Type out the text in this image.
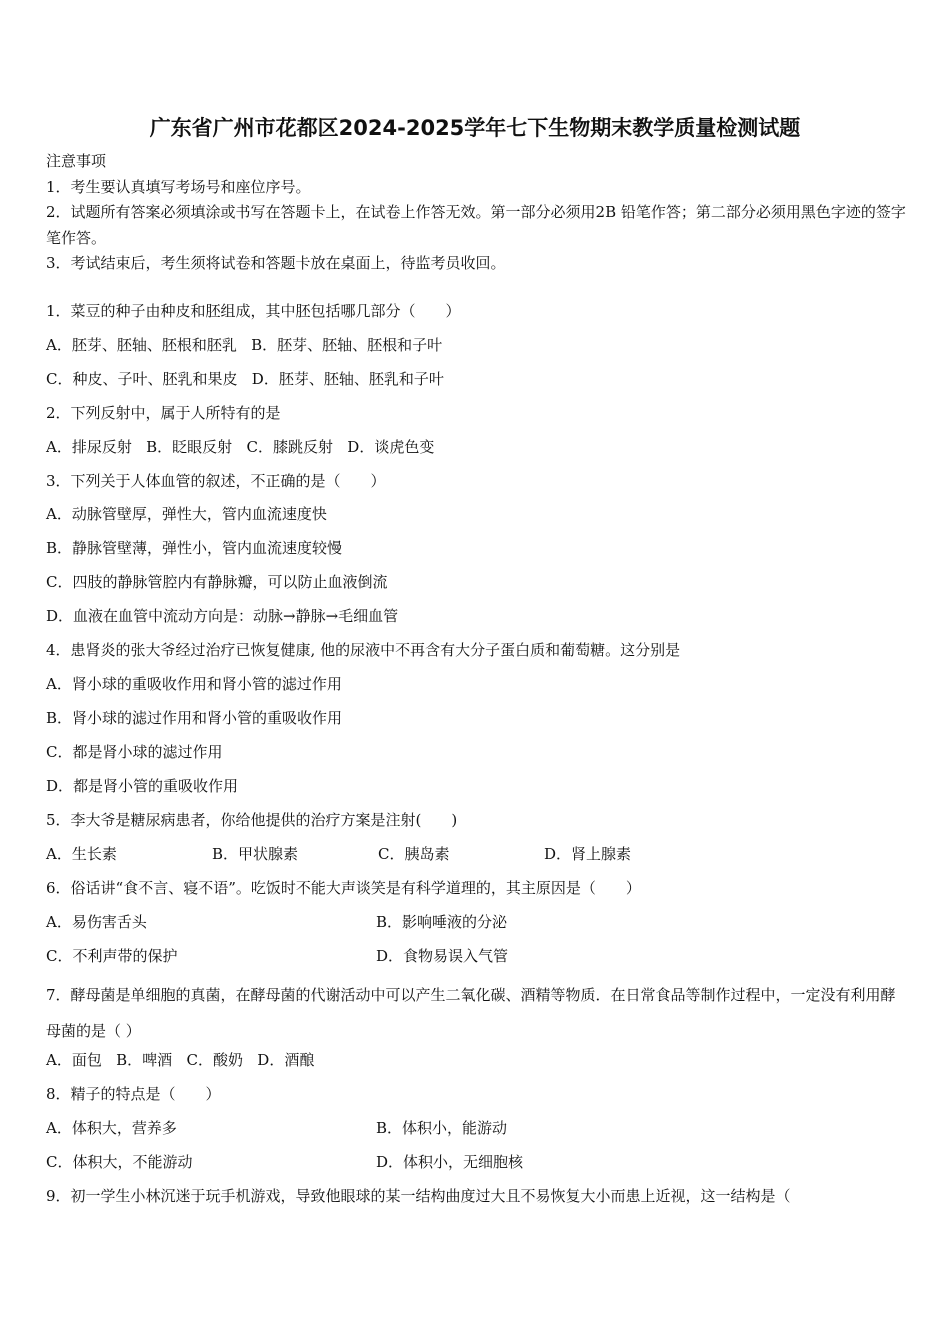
广东省广州市花都区2024-2025学年七下生物期末教学质量检测试题
注意事项
1．考生要认真填写考场号和座位序号。
2．试题所有答案必须填涂或书写在答题卡上，在试卷上作答无效。第一部分必须用2B 铅笔作答；第二部分必须用黑色字迹的签字笔作答。
3．考试结束后，考生须将试卷和答题卡放在桌面上，待监考员收回。
1．菜豆的种子由种皮和胚组成，其中胚包括哪几部分（　　）
A．胚芽、胚轴、胚根和胚乳 B．胚芽、胚轴、胚根和子叶
C．种皮、子叶、胚乳和果皮 D．胚芽、胚轴、胚乳和子叶
2．下列反射中，属于人所特有的是
A．排尿反射 B．眨眼反射 C．膝跳反射 D．谈虎色变
3．下列关于人体血管的叙述，不正确的是（　　）
A．动脉管壁厚，弹性大，管内血流速度快
B．静脉管壁薄，弹性小，管内血流速度较慢
C．四肢的静脉管腔内有静脉瓣，可以防止血液倒流
D．血液在血管中流动方向是：动脉→静脉→毛细血管
4．患肾炎的张大爷经过治疗已恢复健康, 他的尿液中不再含有大分子蛋白质和葡萄糖。这分别是
A．肾小球的重吸收作用和肾小管的滤过作用
B．肾小球的滤过作用和肾小管的重吸收作用
C．都是肾小球的滤过作用
D．都是肾小管的重吸收作用
5．李大爷是糖尿病患者，你给他提供的治疗方案是注射(　　)
A．生长素	B．甲状腺素	C．胰岛素	D．肾上腺素
6．俗话讲“食不言、寝不语”。吃饭时不能大声谈笑是有科学道理的，其主原因是（　　）
A．易伤害舌头	B．影响唾液的分泌
C．不利声带的保护	D．食物易误入气管
7．酵母菌是单细胞的真菌，在酵母菌的代谢活动中可以产生二氧化碳、酒精等物质．在日常食品等制作过程中，一定没有利用酵母菌的是（ ）
A．面包 B．啤酒 C．酸奶 D．酒酿
8．精子的特点是（　　）
A．体积大，营养多	B．体积小，能游动
C．体积大，不能游动	D．体积小，无细胞核
9．初一学生小林沉迷于玩手机游戏，导致他眼球的某一结构曲度过大且不易恢复大小而患上近视，这一结构是（
